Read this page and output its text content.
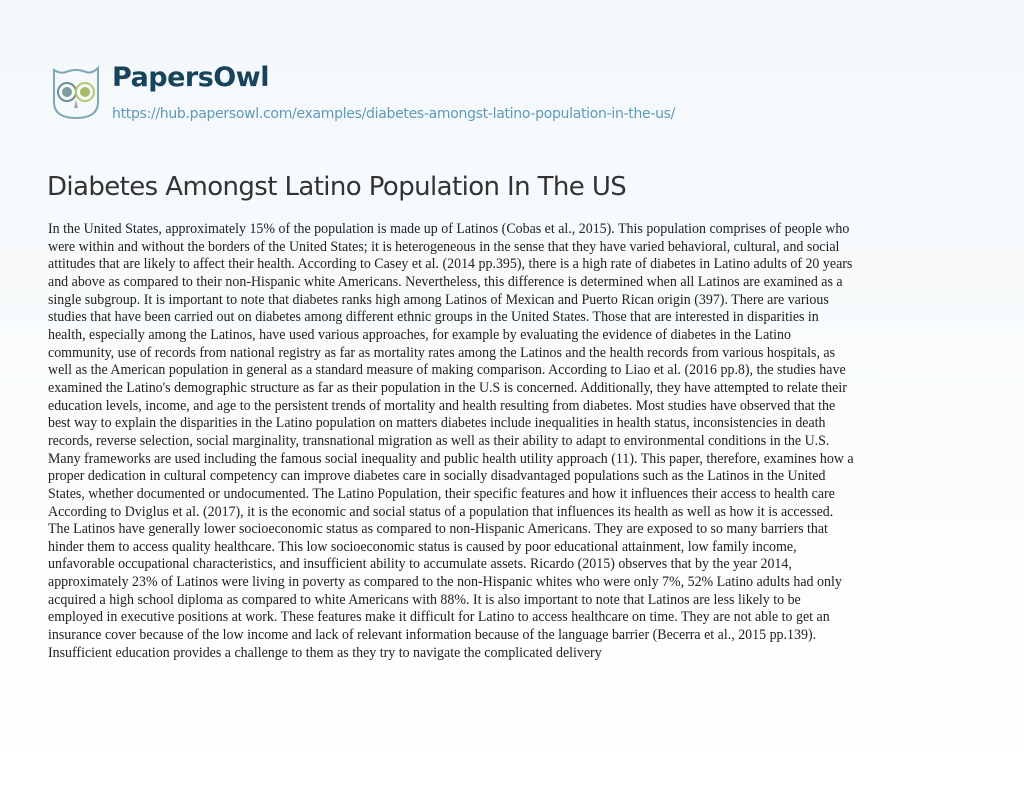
PapersOwl
https://hub.papersowl.com/examples/diabetes-amongst-latino-population-in-the-us/
Diabetes Amongst Latino Population In The US
In the United States, approximately 15% of the population is made up of Latinos (Cobas et al., 2015). This population comprises of people who
were within and without the borders of the United States; it is heterogeneous in the sense that they have varied behavioral, cultural, and social
attitudes that are likely to affect their health. According to Casey et al. (2014 pp.395), there is a high rate of diabetes in Latino adults of 20 years
and above as compared to their non-Hispanic white Americans. Nevertheless, this difference is determined when all Latinos are examined as a
single subgroup. It is important to note that diabetes ranks high among Latinos of Mexican and Puerto Rican origin (397). There are various
studies that have been carried out on diabetes among different ethnic groups in the United States. Those that are interested in disparities in
health, especially among the Latinos, have used various approaches, for example by evaluating the evidence of diabetes in the Latino
community, use of records from national registry as far as mortality rates among the Latinos and the health records from various hospitals, as
well as the American population in general as a standard measure of making comparison. According to Liao et al. (2016 pp.8), the studies have
examined the Latino's demographic structure as far as their population in the U.S is concerned. Additionally, they have attempted to relate their
education levels, income, and age to the persistent trends of mortality and health resulting from diabetes. Most studies have observed that the
best way to explain the disparities in the Latino population on matters diabetes include inequalities in health status, inconsistencies in death
records, reverse selection, social marginality, transnational migration as well as their ability to adapt to environmental conditions in the U.S.
Many frameworks are used including the famous social inequality and public health utility approach (11). This paper, therefore, examines how a
proper dedication in cultural competency can improve diabetes care in socially disadvantaged populations such as the Latinos in the United
States, whether documented or undocumented. The Latino Population, their specific features and how it influences their access to health care
According to Dviglus et al. (2017), it is the economic and social status of a population that influences its health as well as how it is accessed.
The Latinos have generally lower socioeconomic status as compared to non-Hispanic Americans. They are exposed to so many barriers that
hinder them to access quality healthcare. This low socioeconomic status is caused by poor educational attainment, low family income,
unfavorable occupational characteristics, and insufficient ability to accumulate assets. Ricardo (2015) observes that by the year 2014,
approximately 23% of Latinos were living in poverty as compared to the non-Hispanic whites who were only 7%, 52% Latino adults had only
acquired a high school diploma as compared to white Americans with 88%. It is also important to note that Latinos are less likely to be
employed in executive positions at work. These features make it difficult for Latino to access healthcare on time. They are not able to get an
insurance cover because of the low income and lack of relevant information because of the language barrier (Becerra et al., 2015 pp.139).
Insufficient education provides a challenge to them as they try to navigate the complicated delivery
